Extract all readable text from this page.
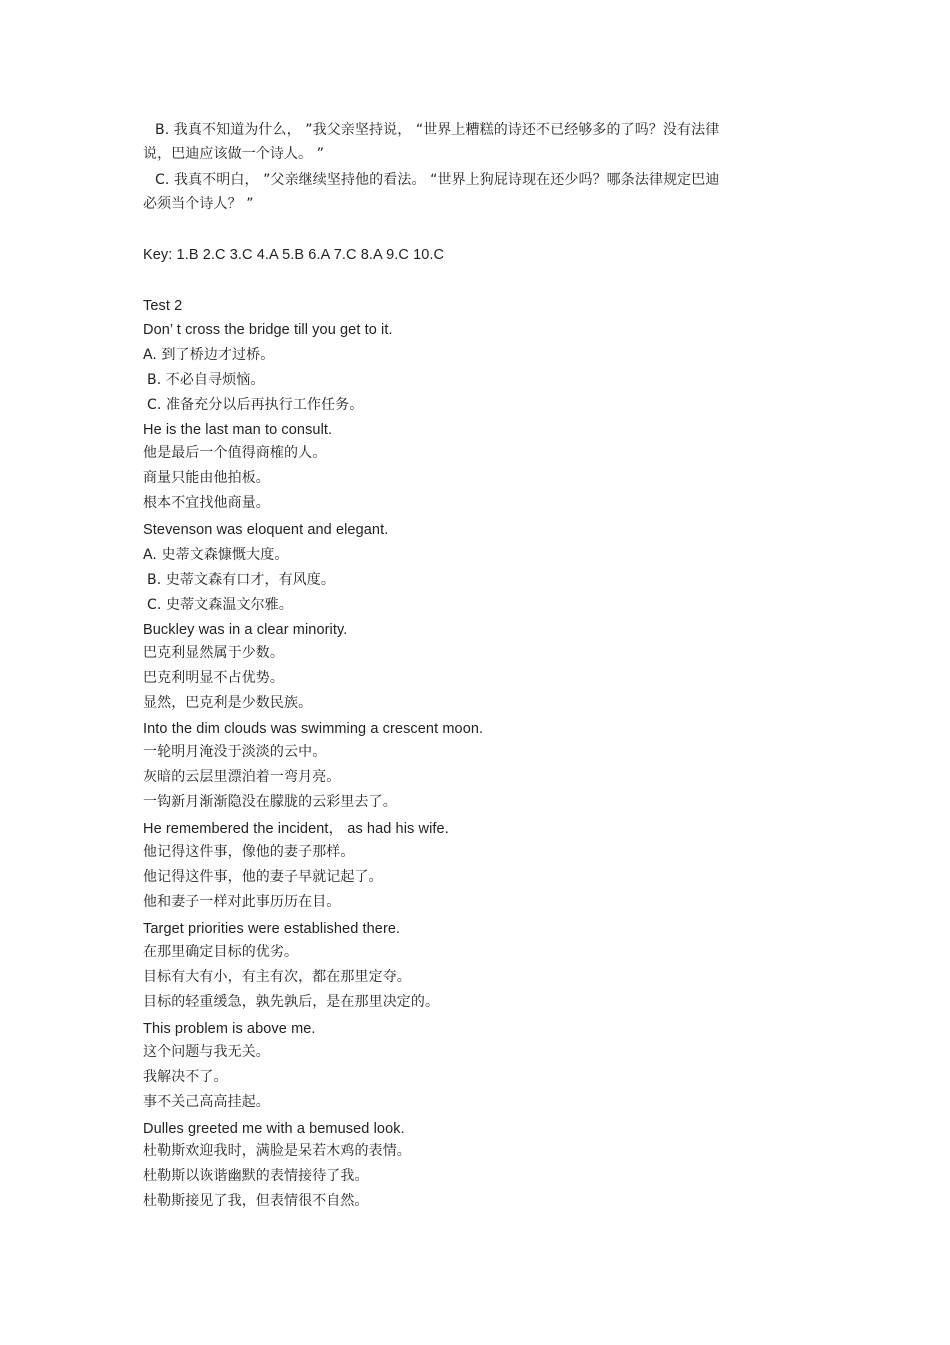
B. 我真不知道为什么， ”我父亲坚持说， “世界上糟糕的诗还不已经够多的了吗？没有法律
说，巴迪应该做一个诗人。 ”
C. 我真不明白， ”父亲继续坚持他的看法。 “世界上狗屁诗现在还少吗？哪条法律规定巴迪
必须当个诗人？ ”
Key: 1.B 2.C 3.C 4.A 5.B 6.A 7.C 8.A 9.C 10.C
Test 2
Don’ t cross the bridge till you get to it.
A. 到了桥边才过桥。
B. 不必自寻烦恼。
C. 准备充分以后再执行工作任务。
He is the last man to consult.
他是最后一个值得商榷的人。
商量只能由他拍板。
根本不宜找他商量。
Stevenson was eloquent and elegant.
A. 史蒂文森慷慨大度。
B. 史蒂文森有口才，有风度。
C. 史蒂文森温文尔雅。
Buckley was in a clear minority.
巴克利显然属于少数。
巴克利明显不占优势。
显然，巴克利是少数民族。
Into the dim clouds was swimming a crescent moon.
一轮明月淹没于淡淡的云中。
灰暗的云层里漂泊着一弯月亮。
一钩新月渐渐隐没在朦胧的云彩里去了。
He remembered the incident， as had his wife.
他记得这件事，像他的妻子那样。
他记得这件事，他的妻子早就记起了。
他和妻子一样对此事历历在目。
Target priorities were established there.
在那里确定目标的优劣。
目标有大有小，有主有次，都在那里定夺。
目标的轻重缓急，孰先孰后，是在那里决定的。
This problem is above me.
这个问题与我无关。
我解决不了。
事不关己高高挂起。
Dulles greeted me with a bemused look.
杜勒斯欢迎我时，满脸是呆若木鸡的表情。
杜勒斯以诙谐幽默的表情接待了我。
杜勒斯接见了我，但表情很不自然。
